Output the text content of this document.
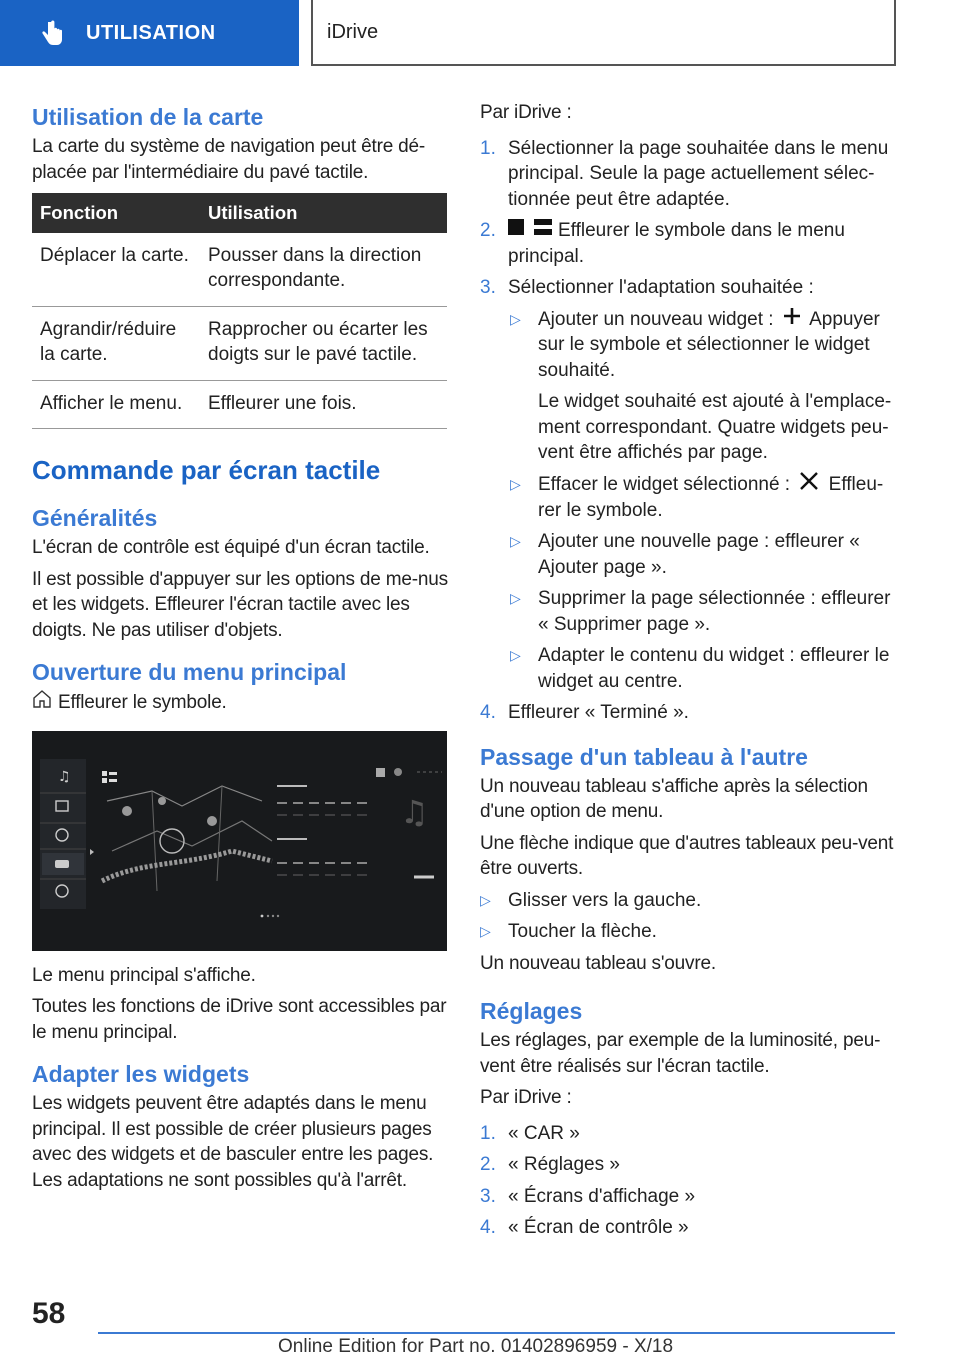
UTILISATION	iDrive
Utilisation de la carte

La carte du système de navigation peut être dé-placée par l'intermédiaire du pavé tactile.

Fonction	Utilisation
Déplacer la carte.	Pousser dans la direction correspondante.
Agrandir/réduire la carte.	Rapprocher ou écarter les doigts sur le pavé tactile.
Afficher le menu.	Effleurer une fois.
Commande par écran tactile
Généralités

L'écran de contrôle est équipé d'un écran tactile.

Il est possible d'appuyer sur les options de me-nus et les widgets. Effleurer l'écran tactile avec les doigts. Ne pas utiliser d'objets.

Ouverture du menu principal

Effleurer le symbole.

♫
♫

Le menu principal s'affiche.

Toutes les fonctions de iDrive sont accessibles par le menu principal.

Adapter les widgets

Les widgets peuvent être adaptés dans le menu principal. Il est possible de créer plusieurs pages avec des widgets et de basculer entre les pages. Les adaptations ne sont possibles qu'à l'arrêt.

Par iDrive :

1. Sélectionner la page souhaitée dans le menu principal. Seule la page actuellement sélec-tionnée peut être adaptée.
2.	Effleurer le symbole dans le menu principal.
3. Sélectionner l'adaptation souhaitée :
▷ Ajouter un nouveau widget : Appuyer sur le symbole et sélectionner le widget souhaité.
Le widget souhaité est ajouté à l'emplace-ment correspondant. Quatre widgets peu-vent être affichés par page.
▷ Effacer le widget sélectionné : Efflеu-rer le symbole.
▷ Ajouter une nouvelle page : effleurer « Ajouter page ».
▷ Supprimer la page sélectionnée : effleurer « Supprimer page ».
▷ Adapter le contenu du widget : effleurer le widget au centre.
4. Effleurer « Terminé ».
Passage d'un tableau à l'autre

Un nouveau tableau s'affiche après la sélection d'une option de menu.

Une flèche indique que d'autres tableaux peu-vent être ouverts.

▷ Glisser vers la gauche.
▷ Toucher la flèche.

Un nouveau tableau s'ouvre.

Réglages

Les réglages, par exemple de la luminosité, peu-vent être réalisés sur l'écran tactile.

Par iDrive :

1. « CAR »
2. « Réglages »
3. « Écrans d'affichage »
4. « Écran de contrôle »
58
Online Edition for Part no. 01402896959 - X/18
